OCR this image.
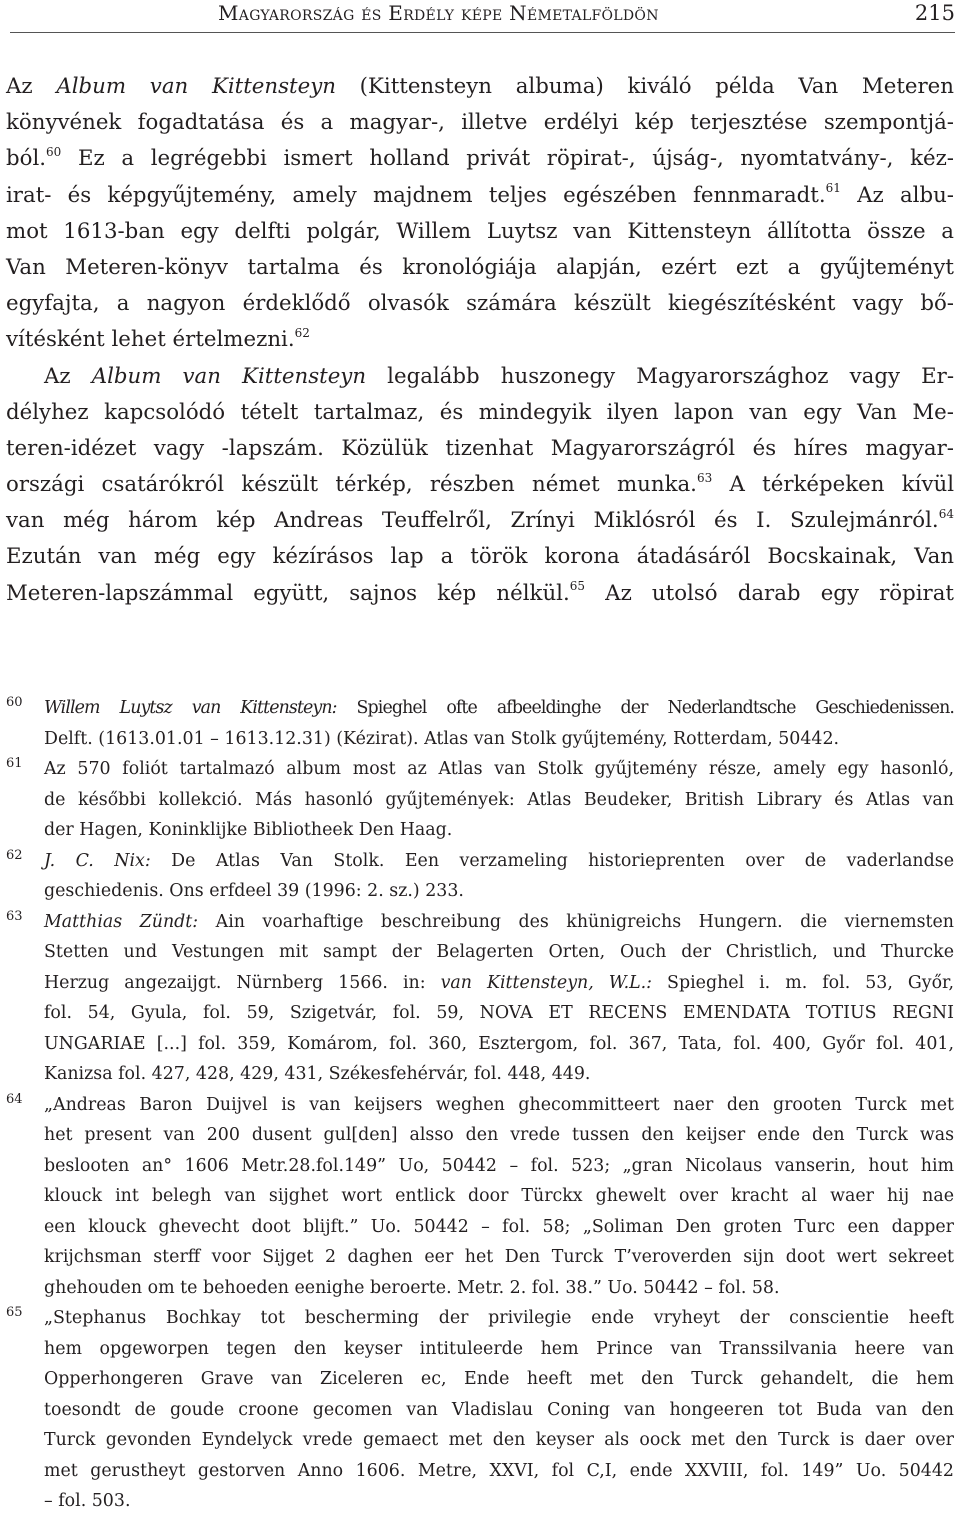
Magyarország és Erdély képe Németalföldön	215
Az Album van Kittensteyn (Kittensteyn albuma) kiváló példa Van Meteren
könyvének fogadtatása és a magyar-, illetve erdélyi kép terjesztése szempontjá-
ból.$^{60}$ Ez a legrégebbi ismert holland privát röpirat-, újság-, nyomtatvány-, kéz-
irat- és képgyűjtemény, amely majdnem teljes egészében fennmaradt.$^{61}$ Az albu-
mot 1613-ban egy delfti polgár, Willem Luytsz van Kittensteyn állította össze a
Van Meteren-könyv tartalma és kronológiája alapján, ezért ezt a gyűjteményt
egyfajta, a nagyon érdeklődő olvasók számára készült kiegészítésként vagy bő-
vítésként lehet értelmezni.$^{62}$
Az Album van Kittensteyn legalább huszonegy Magyarországhoz vagy Er-
délyhez kapcsolódó tételt tartalmaz, és mindegyik ilyen lapon van egy Van Me-
teren-idézet vagy -lapszám. Közülük tizenhat Magyarországról és híres magyar-
országi csatárókról készült térkép, részben német munka.$^{63}$ A térképeken kívül
van még három kép Andreas Teuffelről, Zrínyi Miklósról és I. Szulejmánról.$^{64}$
Ezután van még egy kézírásos lap a török korona átadásáról Bocskainak, Van
Meteren-lapszámmal együtt, sajnos kép nélkül.$^{65}$ Az utolsó darab egy röpirat
60 Willem Luytsz van Kittensteyn: Spieghel ofte afbeeldinghe der Nederlandtsche Geschiedenissen.
Delft. (1613.01.01 – 1613.12.31) (Kézirat). Atlas van Stolk gyűjtemény, Rotterdam, 50442.
61 Az 570 foliót tartalmazó album most az Atlas van Stolk gyűjtemény része, amely egy hasonló,
de későbbi kollekció. Más hasonló gyűjtemények: Atlas Beudeker, British Library és Atlas van
der Hagen, Koninklijke Bibliotheek Den Haag.
62 J. C. Nix: De Atlas Van Stolk. Een verzameling historieprenten over de vaderlandse
geschiedenis. Ons erfdeel 39 (1996: 2. sz.) 233.
63 Matthias Zündt: Ain voarhaftige beschreibung des khünigreichs Hungern. die viernemsten
Stetten und Vestungen mit sampt der Belagerten Orten, Ouch der Christlich, und Thurcke
Herzug angezaijgt. Nürnberg 1566. in: van Kittensteyn, W.L.: Spieghel i. m. fol. 53, Győr,
fol. 54, Gyula, fol. 59, Szigetvár, fol. 59, NOVA ET RECENS EMENDATA TOTIUS REGNI
UNGARIAE [...] fol. 359, Komárom, fol. 360, Esztergom, fol. 367, Tata, fol. 400, Győr fol. 401,
Kanizsa fol. 427, 428, 429, 431, Székesfehérvár, fol. 448, 449.
64 „Andreas Baron Duijvel is van keijsers weghen ghecommitteert naer den grooten Turck met
het present van 200 dusent gul[den] alsso den vrede tussen den keijser ende den Turck was
beslooten an° 1606 Metr.28.fol.149” Uo, 50442 – fol. 523; „gran Nicolaus vanserin, hout him
klouck int belegh van sijghet wort entlick door Türckx ghewelt over kracht al waer hij nae
een klouck ghevecht doot blijft.” Uo. 50442 – fol. 58; „Soliman Den groten Turc een dapper
krijchsman sterff voor Sijget 2 daghen eer het Den Turck T’veroverden sijn doot wert sekreet
ghehouden om te behoeden eenighe beroerte. Metr. 2. fol. 38.” Uo. 50442 – fol. 58.
65 „Stephanus Bochkay tot bescherming der privilegie ende vryheyt der conscientie heeft
hem opgeworpen tegen den keyser intituleerde hem Prince van Transsilvania heere van
Opperhongeren Grave van Ziceleren ec, Ende heeft met den Turck gehandelt, die hem
toesondt de goude croone gecomen van Vladislau Coning van hongeeren tot Buda van den
Turck gevonden Eyndelyck vrede gemaect met den keyser als oock met den Turck is daer over
met gerustheyt gestorven Anno 1606. Metre, XXVI, fol C,I, ende XXVIII, fol. 149” Uo. 50442
– fol. 503.
